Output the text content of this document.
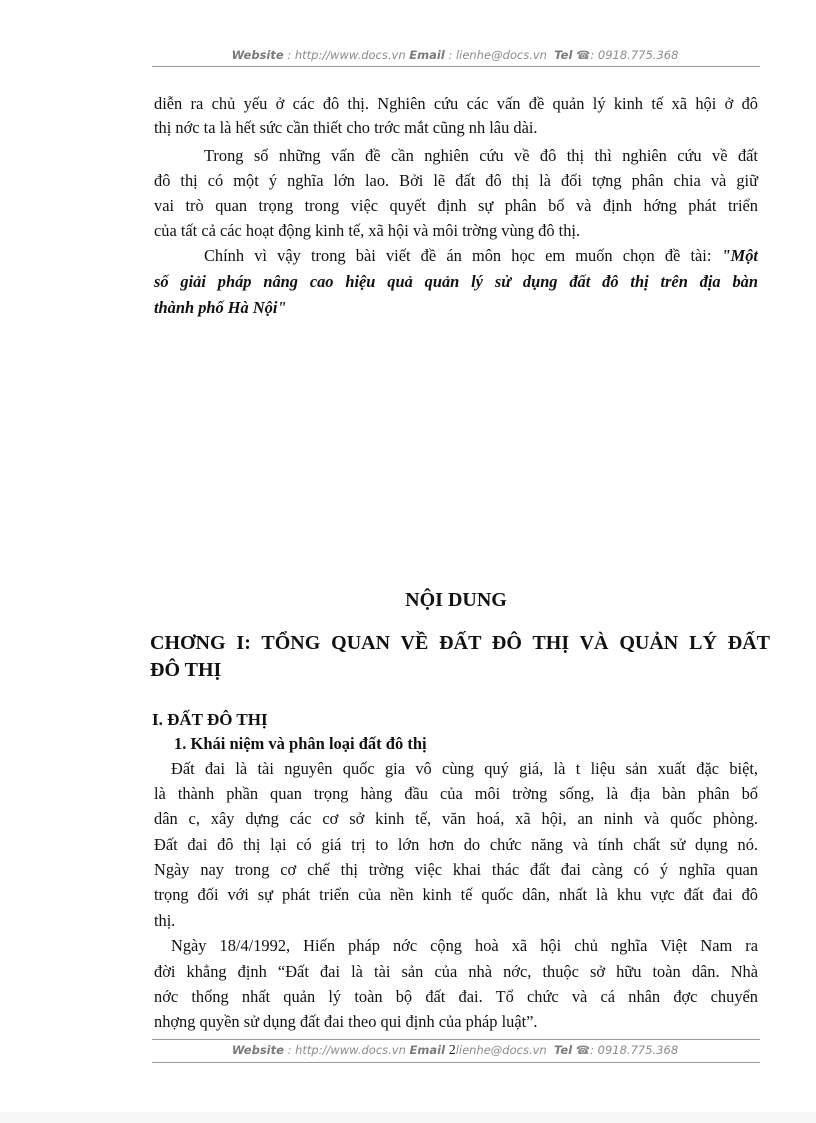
Website : http://www.docs.vn Email : lienhe@docs.vn Tel ☎: 0918.775.368
diễn ra chủ yếu ở các đô thị. Nghiên cứu các vấn đề quản lý kinh tế xã hội ở đô
thị nớc ta là hết sức cần thiết cho trớc mắt cũng nh lâu dài.
Trong số những vấn đề cần nghiên cứu về đô thị thì nghiên cứu về đất
đô thị có một ý nghĩa lớn lao. Bởi lẽ đất đô thị là đối tợng phân chia và giữ
vai trò quan trọng trong việc quyết định sự phân bố và định hớng phát triển
của tất cả các hoạt động kinh tế, xã hội và môi trờng vùng đô thị.
Chính vì vậy trong bài viết đề án môn học em muốn chọn đề tài: "Một
số giải pháp nâng cao hiệu quả quản lý sử dụng đất đô thị trên địa bàn
thành phố Hà Nội"
NỘI DUNG
CHƠNG I: TỔNG QUAN VỀ ĐẤT ĐÔ THỊ VÀ QUẢN LÝ ĐẤT
ĐÔ THỊ
I. ĐẤT ĐÔ THỊ
1. Khái niệm và phân loại đất đô thị
Đất đai là tài nguyên quốc gia vô cùng quý giá, là t liệu sản xuất đặc biệt,
là thành phần quan trọng hàng đầu của môi trờng sống, là địa bàn phân bố
dân c, xây dựng các cơ sở kinh tế, văn hoá, xã hội, an ninh và quốc phòng.
Đất đai đô thị lại có giá trị to lớn hơn do chức năng và tính chất sử dụng nó.
Ngày nay trong cơ chế thị trờng việc khai thác đất đai càng có ý nghĩa quan
trọng đối với sự phát triển của nền kinh tế quốc dân, nhất là khu vực đất đai đô
thị.
Ngày 18/4/1992, Hiến pháp nớc cộng hoà xã hội chủ nghĩa Việt Nam ra
đời khẳng định “Đất đai là tài sản của nhà nớc, thuộc sở hữu toàn dân. Nhà
nớc thống nhất quản lý toàn bộ đất đai. Tổ chức và cá nhân đợc chuyển
nhợng quyền sử dụng đất đai theo qui định của pháp luật”.
Website : http://www.docs.vn Email 2lienhe@docs.vn Tel ☎: 0918.775.368
